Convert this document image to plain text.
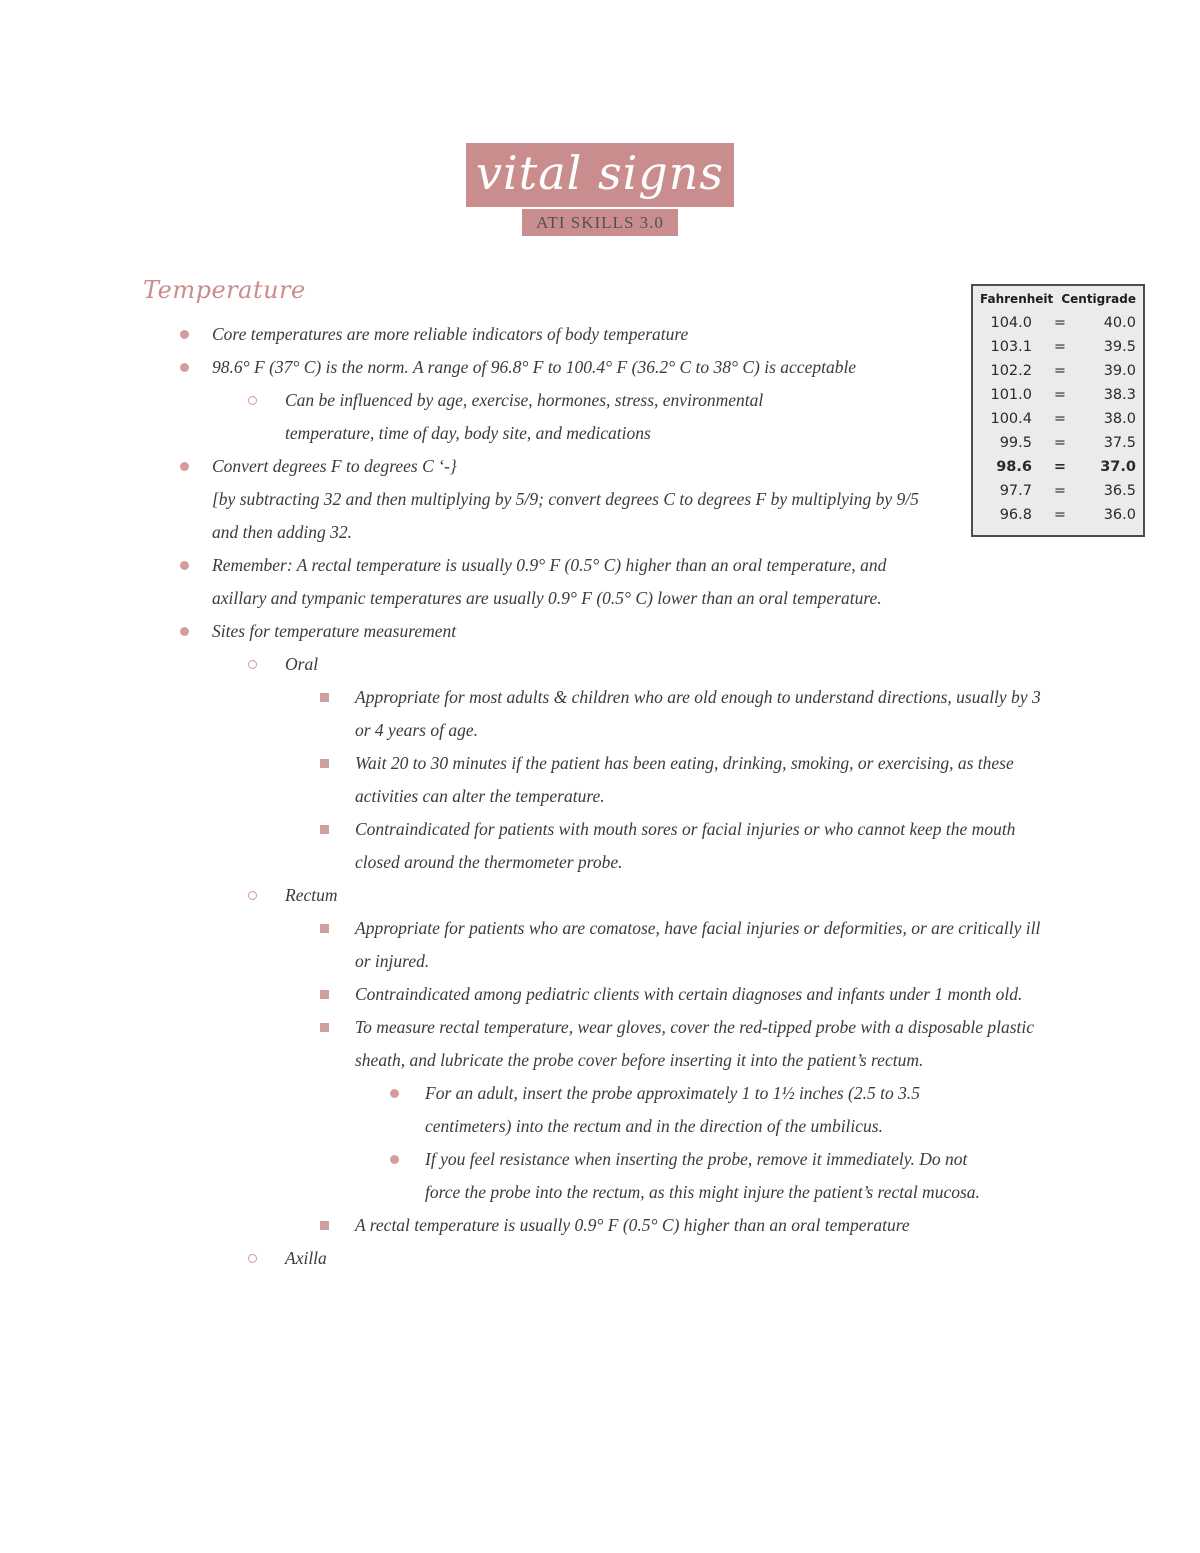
vital signs
ATI SKILLS 3.0
Fahrenheit Centigrade
104.0	=	40.0
103.1	=	39.5
102.2	=	39.0
101.0	=	38.3
100.4	=	38.0
99.5	=	37.5
98.6	=	37.0
97.7	=	36.5
96.8	=	36.0
Temperature
Core temperatures are more reliable indicators of body temperature
98.6° F (37° C) is the norm. A range of 96.8° F to 100.4° F (36.2° C to 38° C) is acceptable
Can be influenced by age, exercise, hormones, stress, environmental temperature, time of day, body site, and medications
Convert degrees F to degrees C ‘-}
[by subtracting 32 and then multiplying by 5/9; convert degrees C to degrees F by multiplying by 9/5 and then adding 32.
Remember: A rectal temperature is usually 0.9° F (0.5° C) higher than an oral temperature, and axillary and tympanic temperatures are usually 0.9° F (0.5° C) lower than an oral temperature.
Sites for temperature measurement
Oral
Appropriate for most adults & children who are old enough to understand directions, usually by 3 or 4 years of age.
Wait 20 to 30 minutes if the patient has been eating, drinking, smoking, or exercising, as these activities can alter the temperature.
Contraindicated for patients with mouth sores or facial injuries or who cannot keep the mouth closed around the thermometer probe.
Rectum
Appropriate for patients who are comatose, have facial injuries or deformities, or are critically ill or injured.
Contraindicated among pediatric clients with certain diagnoses and infants under 1 month old.
To measure rectal temperature, wear gloves, cover the red-tipped probe with a disposable plastic sheath, and lubricate the probe cover before inserting it into the patient’s rectum.
For an adult, insert the probe approximately 1 to 1½ inches (2.5 to 3.5 centimeters) into the rectum and in the direction of the umbilicus.
If you feel resistance when inserting the probe, remove it immediately. Do not force the probe into the rectum, as this might injure the patient’s rectal mucosa.
A rectal temperature is usually 0.9° F (0.5° C) higher than an oral temperature
Axilla
